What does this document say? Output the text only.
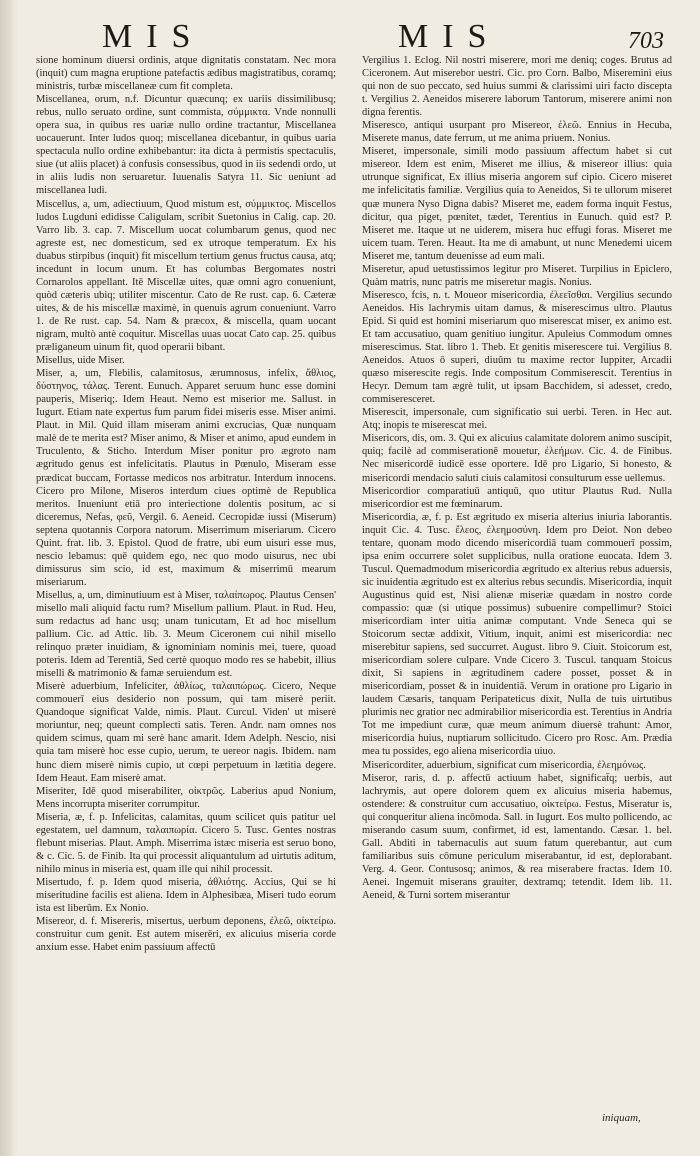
MIS	MIS	703

sione hominum diuersi ordinis, atque dignitatis constatam. Nec mora (inquit) cum magna eruptione patefactis ædibus magistratibus, coramq; ministris, turbæ miscellaneæ cum fit completa.

Miscellanea, orum, n.f. Dicuntur quæcunq; ex uariis dissimilibusq; rebus, nullo seruato ordine, sunt commista, σύμμικτα. Vnde nonnulli opera sua, in quibus res uariæ nullo ordine tractantur, Miscellanea uocauerunt. Inter ludos quoq; miscellanea dicebantur, in quibus uaria spectacula nullo ordine exhibebantur: ita dicta à permistis spectaculis, siue (ut aliis placet) à confusis consessibus, quod in iis sedendi ordo, ut in aliis ludis non seruaretur. Iuuenalis Satyra 11. Sic ueniunt ad miscellanea ludi.

Miscellus, a, um, adiectiuum, Quod mistum est, σύμμικτος. Miscellos ludos Lugduni edidisse Caligulam, scribit Suetonius in Calig. cap. 20. Varro lib. 3. cap. 7. Miscellum uocat columbarum genus, quod nec agreste est, nec domesticum, sed ex utroque temperatum. Ex his duabus stirpibus (inquit) fit miscellum tertium genus fructus causa, atq; incedunt in locum unum. Et has columbas Bergomates nostri Cornarolos appellant. Itē Miscellæ uites, quæ omni agro conueniunt, quòd cæteris ubiq; utiliter miscentur. Cato de Re rust. cap. 6. Cæteræ uites, & de his miscellæ maximè, in quenuis agrum conueniunt. Varro 1. de Re rust. cap. 54. Nam & præcox, & miscella, quam uocant nigram, multò antè coquitur. Miscellas uuas uocat Cato cap. 25. quibus præliganeum uinum fit, quod operarii bibant.

Misellus, uide Miser.

Miser, a, um, Flebilis, calamitosus, ærumnosus, infelix, ἄθλιος, δύστηνος, τάλας. Terent. Eunuch. Apparet seruum hunc esse domini pauperis, Miseriq;. Idem Heaut. Nemo est miserior me. Sallust. in Iugurt. Etiam nate expertus fum parum fidei miseris esse. Miser animi. Plaut. in Mil. Quid illam miseram animi excrucias, Quæ nunquam malè de te merita est? Miser animo, & Miser et animo, apud eundem in Truculento, & Sticho. Interdum Miser ponitur pro ægroto nam ægritudo genus est infelicitatis. Plautus in Pœnulo, Miseram esse prædicat buccam, Fortasse medicos nos arbitratur. Interdum innocens. Cicero pro Milone, Miseros interdum ciues optimè de Republica meritos. Inueniunt etiā pro interiectione dolentis positum, ac si diceremus, Nefas, φεῦ, Vergil. 6. Aeneid. Cecropidæ iussi (Miserum) septena quotannis Corpora natorum. Miserrimum miseriarum. Cicero Quint. frat. lib. 3. Epistol. Quod de fratre, ubi eum uisuri esse mus, nescio lebamus: quē quidem ego, nec quo modo uisurus, nec ubi dimissurus sim scio, id est, maximum & miserrimū mearum miseriarum.

Misellus, a, um, diminutiuum est à Miser, ταλαίπωρος. Plautus Censen' misello mali aliquid factu rum? Misellum pallium. Plaut. in Rud. Heu, sum redactus ad hanc usq; unam tunicutam, Et ad hoc misellum pallium. Cic. ad Attic. lib. 3. Meum Ciceronem cui nihil misello relinquo præter inuidiam, & ignominiam nominis mei, tuere, quoad poteris. Idem ad Terentiā, Sed certè quoquo modo res se habebit, illius miselli & matrimonio & famæ seruiendum est.

Miserè aduerbium, Infeliciter, ἀθλίως, ταλαιπώρως. Cicero, Neque commouerī eius desiderio non possum, qui tam miserè periit. Quandoque significat Valde, nimis. Plaut. Curcul. Viden' ut miserè moriuntur, neq; queunt complecti satis. Teren. Andr. nam omnes nos quidem scimus, quam mi serè hanc amarit. Idem Adelph. Nescio, nisi quia tam miserè hoc esse cupio, uerum, te uereor nagis. Ibidem. nam hunc diem miserè nimis cupio, ut cœpi perpetuum in lætitia degere. Idem Heaut. Eam miserè amat.

Miseriter, Idē quod miserabiliter, οἰκτρῶς. Laberius apud Nonium, Mens incorrupta miseriter corrumpitur.

Miseria, æ, f. p. Infelicitas, calamitas, quum scilicet quis patitur uel egestatem, uel damnum, ταλαιπωρία. Cicero 5. Tusc. Gentes nostras flebunt miserias. Plaut. Amph. Miserrima istæc miseria est seruo bono, & c. Cic. 5. de Finib. Ita qui processit aliquantulum ad uirtutis aditum, nihilo minus in miseria est, quam ille qui nihil processit.

Misertudo, f. p. Idem quod miseria, ἀθλιότης. Accius, Qui se hi miseritudine facilis est aliena. Idem in Alphesibæa, Miseri tudo eorum ista est liberūm. Ex Nonio.

Misereor, d. f. Misereris, misertus, uerbum deponens, ἐλεῶ, οἰκτείρω. construitur cum genit. Est autem miserēri, ex alicuius miseria corde anxium esse. Habet enim passiuum affectū

Vergilius 1. Eclog. Nil nostri miserere, mori me deniq; coges. Brutus ad Ciceronem. Aut miserebor uestri. Cic. pro Corn. Balbo, Misereminì eius qui non de suo peccato, sed huius summi & clarissimi uiri facto discepta t. Vergilius 2. Aeneidos miserere laborum Tantorum, miserere animi non digna ferentis.

Miseresco, antiqui usurpant pro Misereor, ἐλεῶ. Ennius in Hecuba, Miserete manus, date ferrum, ut me anima priuem. Nonius.

Miseret, impersonale, simili modo passiuum affectum habet si cut misereor. Idem est enim, Miseret me illius, & misereor illius: quia utrunque significat, Ex illius miseria angorem suf cipio. Cicero miseret me infelicitatis familiæ. Vergilius quia to Aeneidos, Si te ullorum miseret quæ munera Nyso Digna dabis? Miseret me, eadem forma inquit Festus, dicitur, qua piget, pœnitet, tædet, Terentius in Eunuch. quid est? P. Miseret me. Itaque ut ne uiderem, misera huc effugi foras. Miseret me uicem tuam. Teren. Heaut. Ita me di amabunt, ut nunc Menedemi uicem Miseret me, tantum deuenisse ad eum mali.

Miseretur, apud uetustissimos legitur pro Miseret. Turpilius in Epiclero, Quàm matris, nunc patris me miseretur magis. Nonius.

Miseresco, fcis, n. t. Moueor misericordia, ἐλεεῖσθαι. Vergilius secundo Aeneidos. His lachrymis uitam damus, & miserescimus ultro. Plautus Epid. Si quid est homini miseriarum quo miserescat miser, ex animo est. Et tam accusatiuo, quam genitiuo iungitur. Apuleius Commodum omnes miserescimus. Stat. libro 1. Theb. Et genitis miserescere tui. Vergilius 8. Aeneidos. Atuos ō superi, diuûm tu maxime rector Iuppiter, Arcadii quæso miserescite regis. Inde compositum Commiserescit. Terentius in Hecyr. Demum tam ægrè tulit, ut ipsam Bacchidem, si adesset, credo, commiseresceret.

Miserescit, impersonale, cum significatio sui uerbi. Teren. in Hec aut. Atq; inopis te miserescat mei.

Misericors, dis, om. 3. Qui ex alicuius calamitate dolorem animo suscipit, quiq; facilè ad commiserationē mouetur, ἐλεήμων. Cic. 4. de Finibus. Nec misericordē iudicē esse oportere. Idē pro Ligario, Si honesto, & misericordi mendacio saluti ciuis calamitosi consulturum esse uellemus.

Misericordior comparatiuū antiquū, quo utitur Plautus Rud. Nulla misericordior est me fœminarum.

Misericordia, æ, f. p. Est ægritudo ex miseria alterius iniuria laborantis. inquit Cic. 4. Tusc. ἔλεος, ἐλεημοσύνη. Idem pro Deiot. Non debeo tentare, quonam modo dicendo misericordiā tuam commouerī possim, ipsa enim occurrere solet supplicibus, nulla oratione euocata. Idem 3. Tuscul. Quemadmodum misericordia ægritudo ex alterius rebus aduersis, sic inuidentia ægritudo est ex alterius rebus secundis. Misericordia, inquit Augustinus quid est, Nisi alienæ miseriæ quædam in nostro corde compassio: quæ (si utique possimus) subuenire compellimur? Stoici misericordiam inter uitia animæ computant. Vnde Seneca qui se Stoicorum sectæ addixit, Vitium, inquit, animi est misericordia: nec miserebitur sapiens, sed succurret. August. libro 9. Ciuit. Stoicorum est, misericordiam solere culpare. Vnde Cicero 3. Tuscul. tanquam Stoicus dixit, Si sapiens in ægritudinem cadere posset, posset & in misericordiam, posset & in inuidentiā. Verum in oratione pro Ligario in laudem Cæsaris, tanquam Peripateticus dixit, Nulla de tuis uirtutibus plurimis nec gratior nec admirabilior misericordia est. Terentius in Andria Tot me impediunt curæ, quæ meum animum diuersè trahunt: Amor, misericordia huius, nuptiarum sollicitudo. Cicero pro Rosc. Am. Prædia mea tu possides, ego aliena misericordia uiuo.

Misericorditer, aduerbium, significat cum misericordia, ἐλεημόνως.

Miseror, raris, d. p. affectū actiuum habet, significat̄q; uerbis, aut lachrymis, aut opere dolorem quem ex alicuius miseria habemus, ostendere: & construitur cum accusatiuo, οἰκτείρω. Festus, Miseratur is, qui conqueritur aliena incōmoda. Sall. in Iugurt. Eos multo pollicendo, ac miserando casum suum, confirmet, id est, lamentando. Cæsar. 1. bel. Gall. Abditi in tabernaculis aut suum fatum querebantur, aut cum familiaribus suis cōmune periculum miserabantur, id est, deplorabant. Verg. 4. Geor. Contusosq; animos, & rea miserabere fractas. Idem 10. Aenei. Ingemuit miserans grauiter, dextramq; tetendit. Idem lib. 11. Aeneid, & Turni sortem miserantur

iniquam,
